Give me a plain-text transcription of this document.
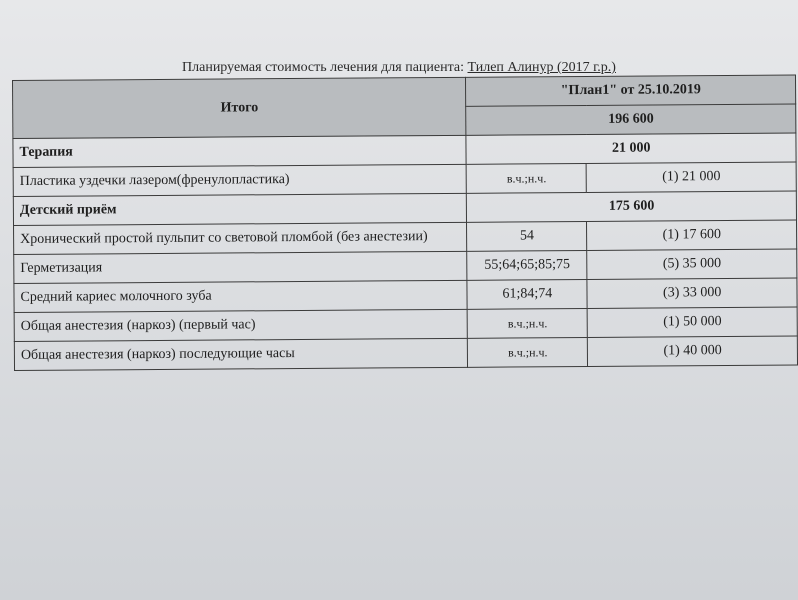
Планируемая стоимость лечения для пациента: Тилеп Алинур (2017 г.р.)
Итого	"План1" от 25.10.2019	
	196 600	
Терапия	21 000	
Пластика уздечки лазером(френулопластика)	в.ч.;н.ч.	(1) 21 000
Детский приём	175 600	
Хронический простой пульпит со световой пломбой (без анестезии)	54	(1) 17 600
Герметизация	55;64;65;85;75	(5) 35 000
Средний кариес молочного зуба	61;84;74	(3) 33 000
Общая анестезия (наркоз) (первый час)	в.ч.;н.ч.	(1) 50 000
Общая анестезия (наркоз) последующие часы	в.ч.;н.ч.	(1) 40 000
